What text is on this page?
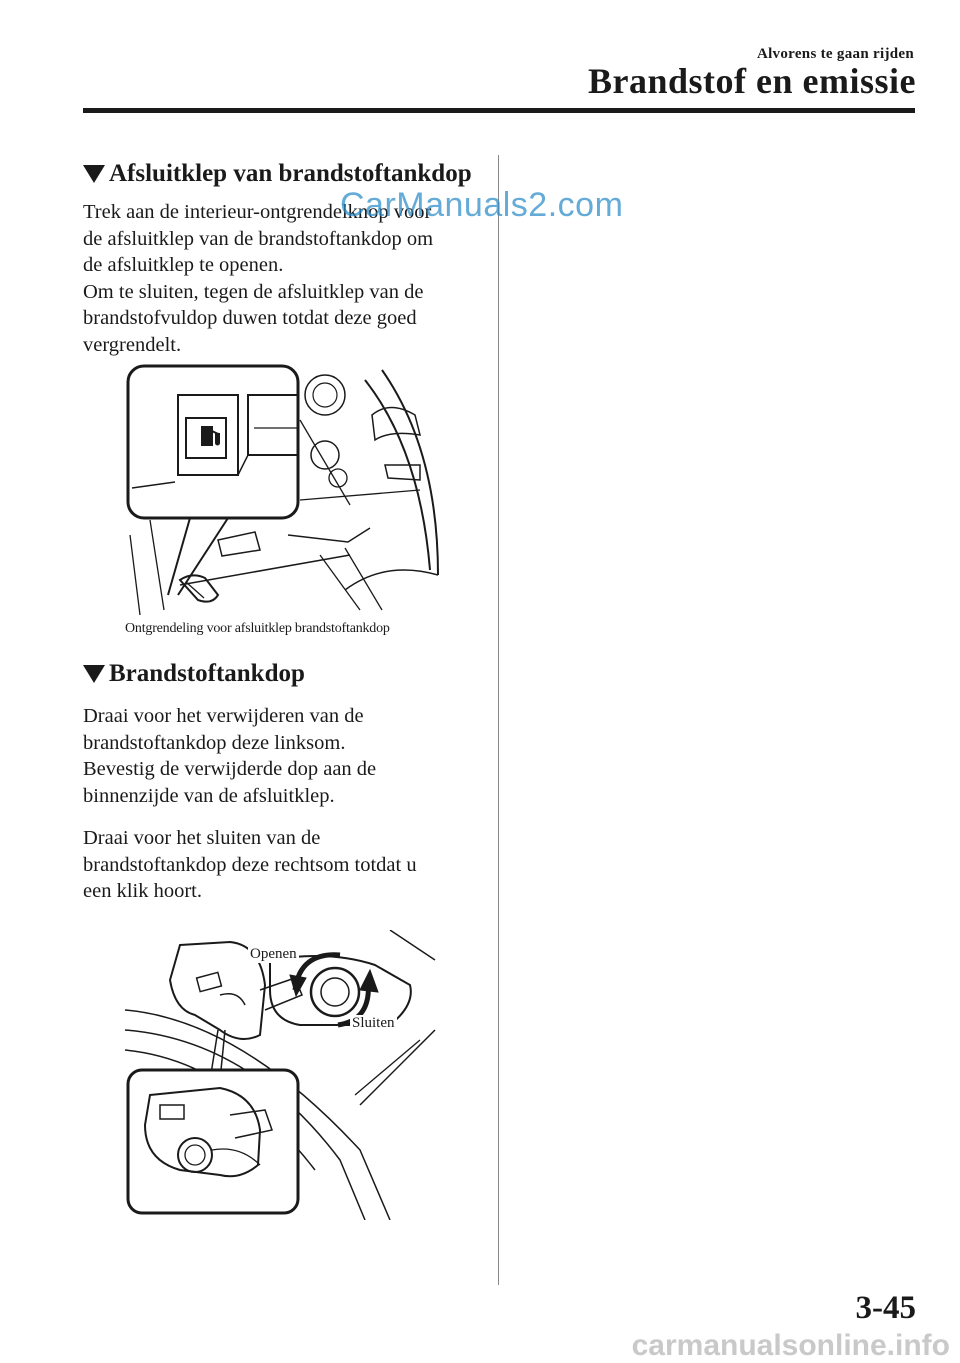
Alvorens te gaan rijden
Brandstof en emissie
Afsluitklep van brandstoftankdop

Trek aan de interieur-ontgrendelknop voor
de afsluitklep van de brandstoftankdop om
de afsluitklep te openen.
Om te sluiten, tegen de afsluitklep van de
brandstofvuldop duwen totdat deze goed
vergrendelt.

CarManuals2.com
Ontgrendeling voor afsluitklep brandstoftankdop
Brandstoftankdop

Draai voor het verwijderen van de
brandstoftankdop deze linksom.
Bevestig de verwijderde dop aan de
binnenzijde van de afsluitklep.

Draai voor het sluiten van de
brandstoftankdop deze rechtsom totdat u
een klik hoort.

Openen
Sluiten
3-45
carmanualsonline.info
